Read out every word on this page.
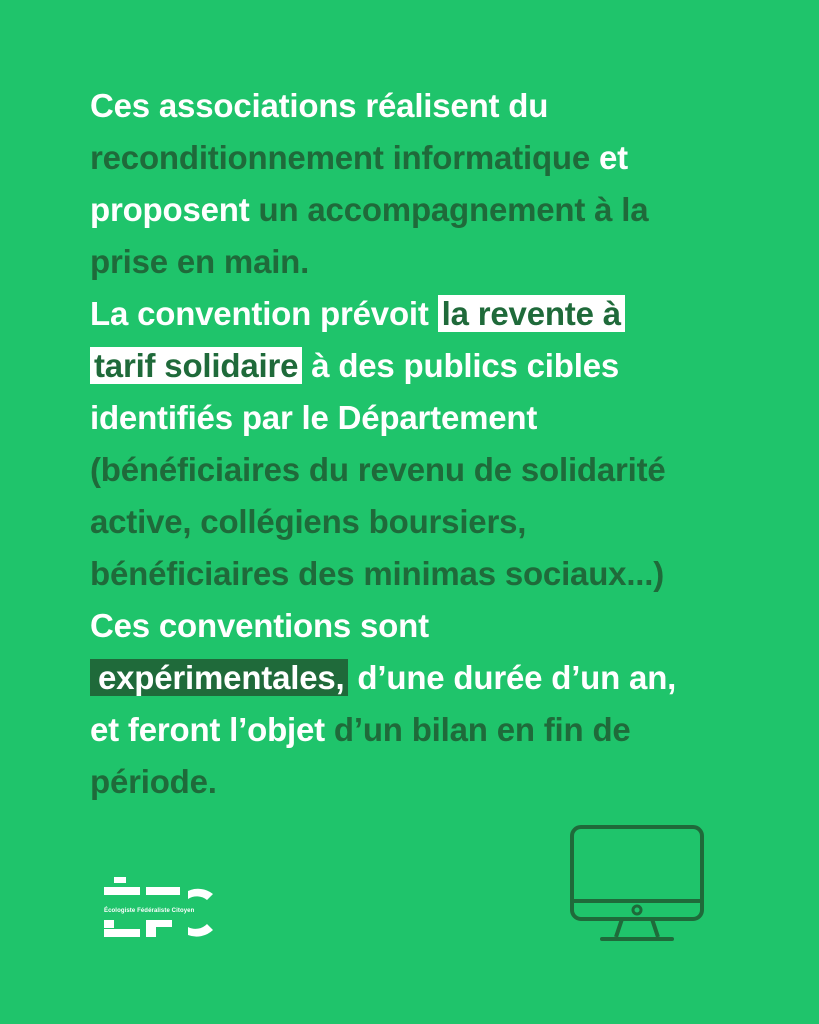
Ces associations réalisent du
reconditionnement informatique et
proposent un accompagnement à la
prise en main.
La convention prévoit la revente à
tarif solidaire à des publics cibles
identifiés par le Département
(bénéficiaires du revenu de solidarité
active, collégiens boursiers,
bénéficiaires des minimas sociaux...)
Ces conventions sont
expérimentales, d’une durée d’un an,
et feront l’objet d’un bilan en fin de
période.
Écologiste Fédéraliste Citoyen
